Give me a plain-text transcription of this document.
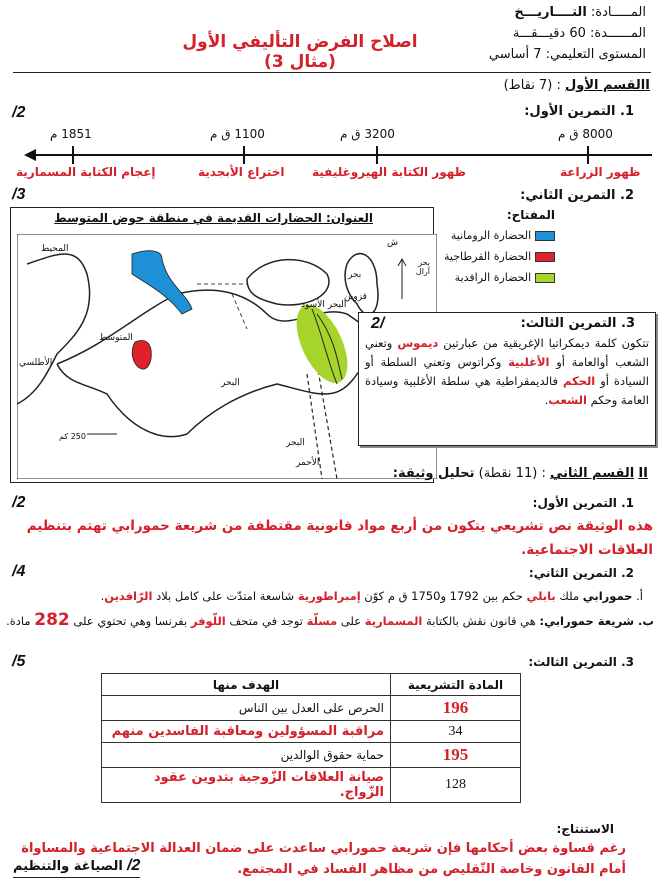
المـــــادة: التــــاريـــخ
المــــــدة: 60 دقيـــقـــة
المستوى التعليمي: 7 أساسي
اصلاح الفرض التأليفي الأول (مثال 3)
Iالقسم الأول : (7 نقاط)
1. التمرين الأول:
/2
8000 ق م
3200 ق م
1100 ق م
1851 م
ظهور الزراعة
ظهور الكتابة الهيروغليفية
اختراع الأبجدية
إعجام الكتابة المسمارية
2. التمرين الثاني:
/3
العنوان: الحضارات القديمة في منطقة حوض المتوسط
المحيط
الأطلسي
المتوسط
البحر
البحر الأسود
البحر
الأحمر
بحر
قزوين
بحر آرال
ش
250 كم
المفتاح:
الحضارة الرومانية
الحضارة القرطاجية
الحضارة الرافدية
3. التمرين الثالث:
/2
تتكون كلمة ديمكراتيا الإغريقية من عبارتين ديموس وتعني الشعب أوالعامة أو الأغلبية وكراتوس وتعني السلطة أو السيادة أو الحكم فالديمقراطية هي سلطة الأغلبية وسيادة العامة وحكم الشعب.
II القسم الثاني : (11 نقطة) تحليل وثيقة:
1. التمرين الأول:
/2
هذه الوثيقة نص تشريعي يتكون من أربع مواد قانونية مقتطفة من شريعة حمورابي تهتم بتنظيم العلاقات الاجتماعية.
2. التمرين الثاني:
/4
أ. حمورابي ملك بابلي حكم بين 1792 و1750 ق م كوّن إمبراطورية شاسعة امتدّت على كامل بلاد الرّافدين.
ب. شريعة حمورابي: هي قانون نقش بالكتابة المسمارية على مسلّة توجد في متحف اللّوفر بفرنسا وهي تحتوي على 282 مادة.
3. التمرين الثالث:
/5
المادة التشريعية	الهدف منها
196	الحرص على العدل بين الناس
34	مراقبة المسؤولين ومعاقبة الفاسدين منهم
195	حماية حقوق الوالدين
128	صيانة العلاقات الزّوجية بتدوين عقود الزّواج.
الاستنتاج:
رغم قساوة بعض أحكامها فإن شريعة حمورابي ساعدت على ضمان العدالة الاجتماعية والمساواة أمام القانون وخاصة التّقليص من مظاهر الفساد في المجتمع.
2/ الصياغة والتنظيم
